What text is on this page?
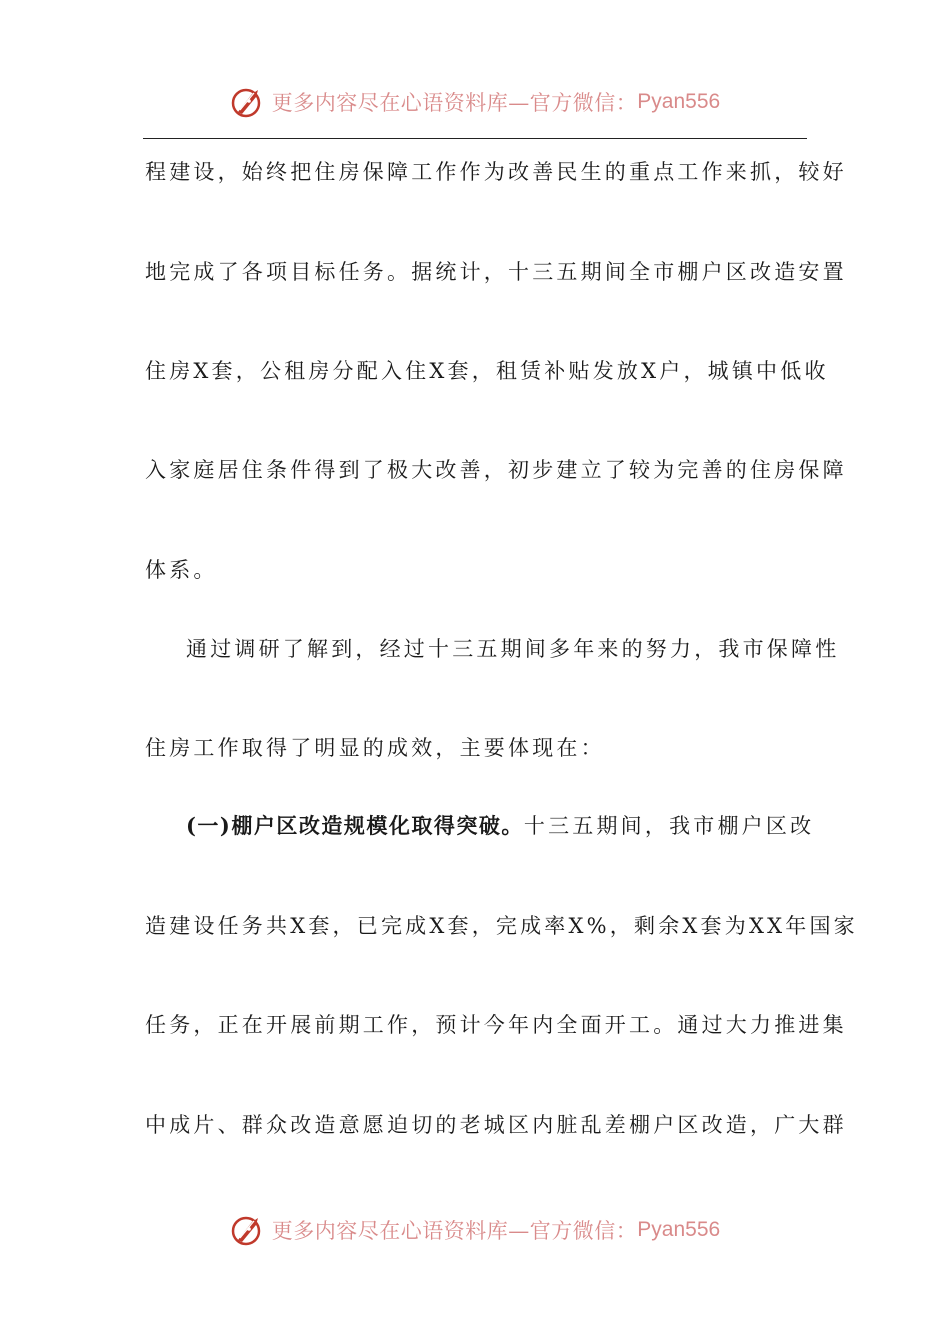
更多内容尽在心语资料库—官方微信： Pyan556
程建设，始终把住房保障工作作为改善民生的重点工作来抓，较好
地完成了各项目标任务。据统计，十三五期间全市棚户区改造安置
住房X套，公租房分配入住X套，租赁补贴发放X户，城镇中低收
入家庭居住条件得到了极大改善，初步建立了较为完善的住房保障
体系。
通过调研了解到，经过十三五期间多年来的努力，我市保障性
住房工作取得了明显的成效，主要体现在：
(一)棚户区改造规模化取得突破。十三五期间，我市棚户区改
造建设任务共X套，已完成X套，完成率X%，剩余X套为XX年国家
任务，正在开展前期工作，预计今年内全面开工。通过大力推进集
中成片、群众改造意愿迫切的老城区内脏乱差棚户区改造，广大群
更多内容尽在心语资料库—官方微信： Pyan556
